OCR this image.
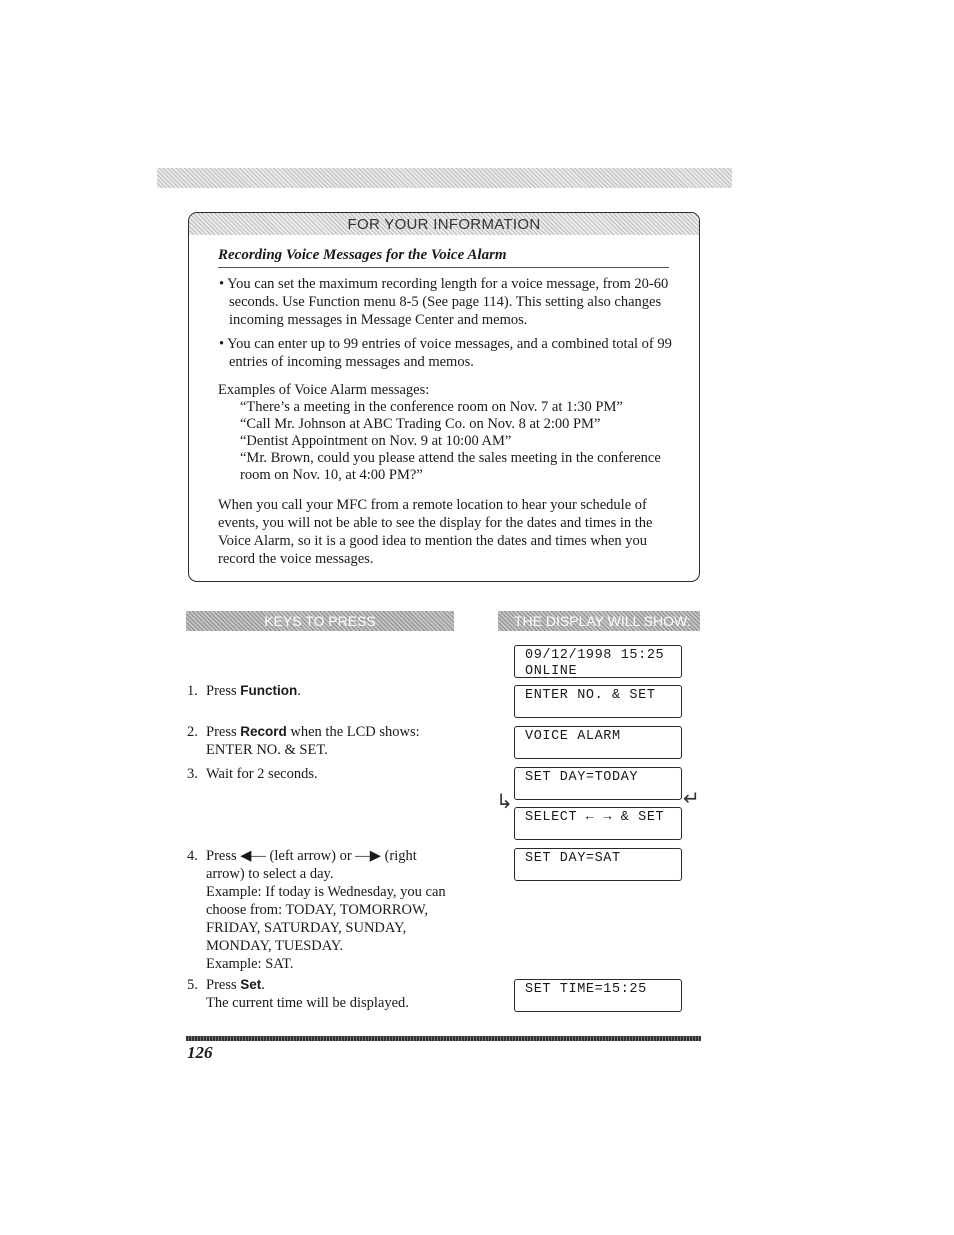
FOR YOUR INFORMATION
Recording Voice Messages for the Voice Alarm
• You can set the maximum recording length for a voice message, from 20-60 seconds. Use Function menu 8-5 (See page 114). This setting also changes incoming messages in Message Center and memos.
• You can enter up to 99 entries of voice messages, and a combined total of 99 entries of incoming messages and memos.
Examples of Voice Alarm messages:
“There’s a meeting in the conference room on Nov. 7 at 1:30 PM”
“Call Mr. Johnson at ABC Trading Co. on Nov. 8 at 2:00 PM”
“Dentist Appointment on Nov. 9 at 10:00 AM”
“Mr. Brown, could you please attend the sales meeting in the conference room on Nov. 10, at 4:00 PM?”
When you call your MFC from a remote location to hear your schedule of events, you will not be able to see the display for the dates and times in the Voice Alarm, so it is a good idea to mention the dates and times when you record the voice messages.
KEYS TO PRESS	THE DISPLAY WILL SHOW:
1. Press Function.
2. Press Record when the LCD shows: ENTER NO. & SET.
3. Wait for 2 seconds.
4. Press ◀— (left arrow) or —▶ (right arrow) to select a day.
Example: If today is Wednesday, you can choose from: TODAY, TOMORROW, FRIDAY, SATURDAY, SUNDAY, MONDAY, TUESDAY.
Example: SAT.
5. Press Set.
The current time will be displayed.
09/12/1998 15:25
ONLINE
ENTER NO. & SET
VOICE ALARM
SET DAY=TODAY
SELECT ← → & SET
↳	↵
SET DAY=SAT
SET TIME=15:25
126
